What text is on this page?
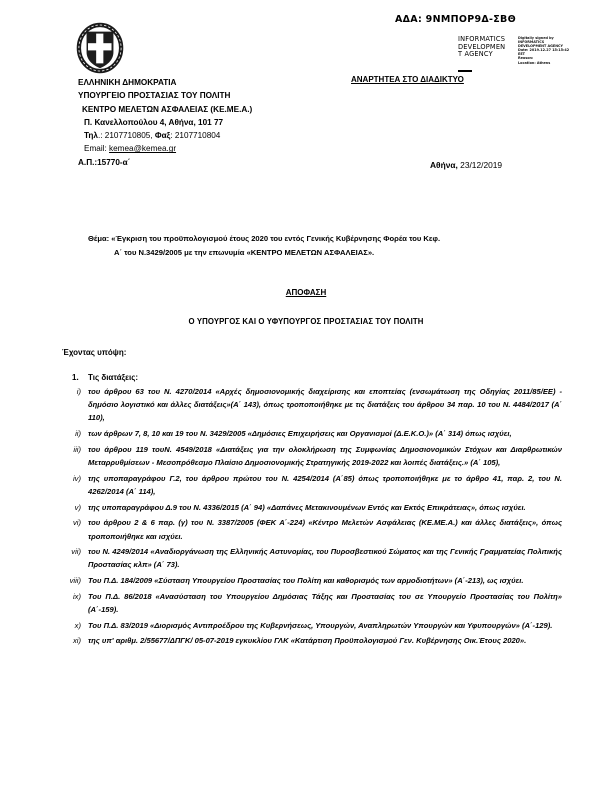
ΑΔΑ: 9ΝΜΠΟΡ9Δ-ΣΒΘ
INFORMATICS
DEVELOPMEN
T AGENCY
Digitally signed by
INFORMATICS
DEVELOPMENT AGENCY
Date: 2019.12.27 15:15:42
EET
Reason:
Location: Athens
ΕΛΛΗΝΙΚΗ ΔΗΜΟΚΡΑΤΙΑ
ΥΠΟΥΡΓΕΙΟ ΠΡΟΣΤΑΣΙΑΣ ΤΟΥ ΠΟΛΙΤΗ
ΚΕΝΤΡΟ ΜΕΛΕΤΩΝ ΑΣΦΑΛΕΙΑΣ (ΚΕ.ΜΕ.Α.)
Π. Κανελλοπούλου 4, Αθήνα, 101 77
Τηλ.: 2107710805, Φαξ: 2107710804
Email: kemea@kemea.gr
Α.Π.:15770-α΄
ΑΝΑΡΤΗΤΕΑ ΣΤΟ ΔΙΑΔΙΚΤΥΟ
Αθήνα, 23/12/2019
Θέμα: «Έγκριση του προϋπολογισμού έτους 2020 του εντός Γενικής Κυβέρνησης Φορέα του Κεφ.
Α΄ του Ν.3429/2005 με την επωνυμία «ΚΕΝΤΡΟ ΜΕΛΕΤΩΝ ΑΣΦΑΛΕΙΑΣ».
ΑΠΟΦΑΣΗ
Ο ΥΠΟΥΡΓΟΣ ΚΑΙ Ο ΥΦΥΠΟΥΡΓΟΣ ΠΡΟΣΤΑΣΙΑΣ ΤΟΥ ΠΟΛΙΤΗ
Έχοντας υπόψη:
1.	Τις διατάξεις:
i) του άρθρου 63 του Ν. 4270/2014 «Αρχές δημοσιονομικής διαχείρισης και εποπτείας (ενσωμάτωση της Οδηγίας 2011/85/ΕΕ) - δημόσιο λογιστικό και άλλες διατάξεις»(Α΄ 143), όπως τροποποιήθηκε με τις διατάξεις του άρθρου 34 παρ. 10 του Ν. 4484/2017 (Α΄ 110),
ii) των άρθρων 7, 8, 10 και 19 του Ν. 3429/2005 «Δημόσιες Επιχειρήσεις και Οργανισμοί (Δ.Ε.Κ.Ο.)» (Α΄ 314) όπως ισχύει,
iii) του άρθρου 119 τουΝ. 4549/2018 «Διατάξεις για την ολοκλήρωση της Συμφωνίας Δημοσιονομικών Στόχων και Διαρθρωτικών Μεταρρυθμίσεων - Μεσοπρόθεσμο Πλαίσιο Δημοσιονομικής Στρατηγικής 2019-2022 και λοιπές διατάξεις.» (Α΄ 105),
iv) της υποπαραγράφου Γ.2, του άρθρου πρώτου του Ν. 4254/2014 (Α΄85) όπως τροποποιήθηκε με το άρθρο 41, παρ. 2, του Ν. 4262/2014 (Α΄ 114),
v) της υποπαραγράφου Δ.9 του Ν. 4336/2015 (Α΄ 94) «Δαπάνες Μετακινουμένων Εντός και Εκτός Επικράτειας», όπως ισχύει.
vi) του άρθρου 2 & 6 παρ. (γ) του Ν. 3387/2005 (ΦΕΚ Α΄-224) «Κέντρο Μελετών Ασφάλειας (ΚΕ.ΜΕ.Α.) και άλλες διατάξεις», όπως τροποποιήθηκε και ισχύει.
vii) του Ν. 4249/2014 «Αναδιοργάνωση της Ελληνικής Αστυνομίας, του Πυροσβεστικού Σώματος και της Γενικής Γραμματείας Πολιτικής Προστασίας κλπ» (Α΄ 73).
viii) Του Π.Δ. 184/2009 «Σύσταση Υπουργείου Προστασίας του Πολίτη και καθορισμός των αρμοδιοτήτων» (Α΄-213), ως ισχύει.
ix) Του Π.Δ. 86/2018 «Ανασύσταση του Υπουργείου Δημόσιας Τάξης και Προστασίας του σε Υπουργείο Προστασίας του Πολίτη» (Α΄-159).
x) Του Π.Δ. 83/2019 «Διορισμός Αντιπροέδρου της Κυβερνήσεως, Υπουργών, Αναπληρωτών Υπουργών και Υφυπουργών» (Α΄-129).
xi) της υπ' αριθμ. 2/55677/ΔΠΓΚ/ 05-07-2019 εγκυκλίου ΓΛΚ «Κατάρτιση Προϋπολογισμού Γεν. Κυβέρνησης Οικ.Έτους 2020».
